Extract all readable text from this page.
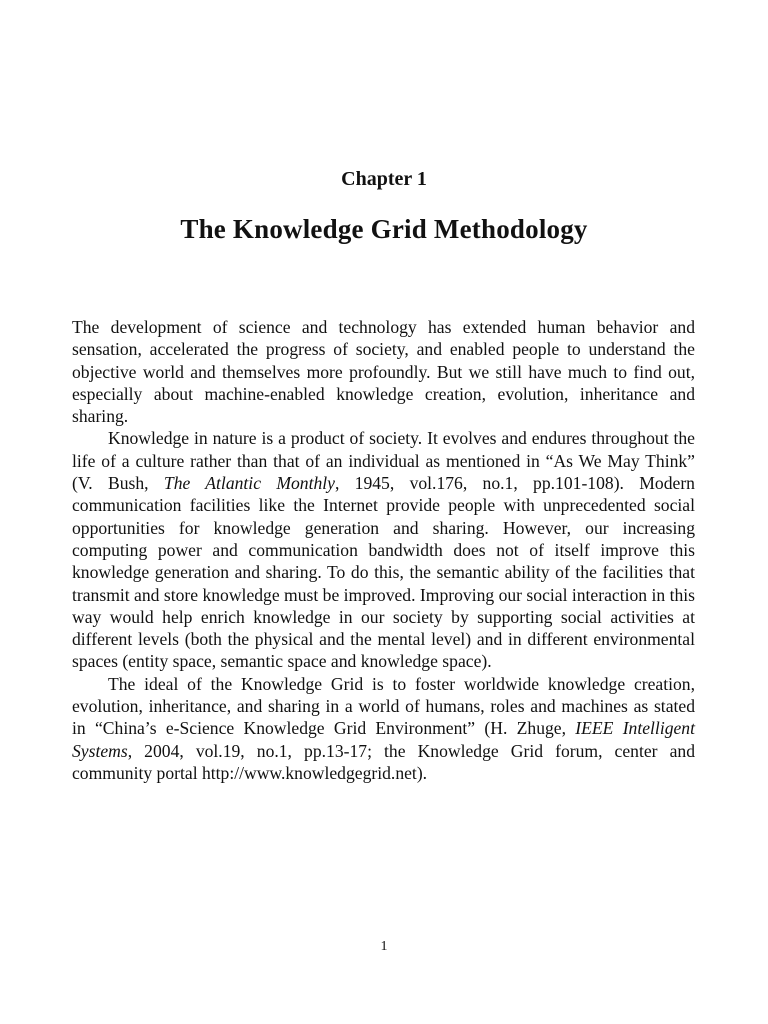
Chapter 1
The Knowledge Grid Methodology

The development of science and technology has extended human behavior and sensation, accelerated the progress of society, and enabled people to understand the objective world and themselves more profoundly. But we still have much to find out, especially about machine-enabled knowledge creation, evolution, inheritance and sharing.

Knowledge in nature is a product of society. It evolves and endures throughout the life of a culture rather than that of an individual as mentioned in “As We May Think” (V. Bush, The Atlantic Monthly, 1945, vol.176, no.1, pp.101-108). Modern communication facilities like the Internet provide people with unprecedented social opportunities for knowledge generation and sharing. However, our increasing computing power and communication bandwidth does not of itself improve this knowledge generation and sharing. To do this, the semantic ability of the facilities that transmit and store knowledge must be improved. Improving our social interaction in this way would help enrich knowledge in our society by supporting social activities at different levels (both the physical and the mental level) and in different environmental spaces (entity space, semantic space and knowledge space).

The ideal of the Knowledge Grid is to foster worldwide knowledge creation, evolution, inheritance, and sharing in a world of humans, roles and machines as stated in “China’s e-Science Knowledge Grid Environment” (H. Zhuge, IEEE Intelligent Systems, 2004, vol.19, no.1, pp.13-17; the Knowledge Grid forum, center and community portal http://www.knowledgegrid.net).

1
